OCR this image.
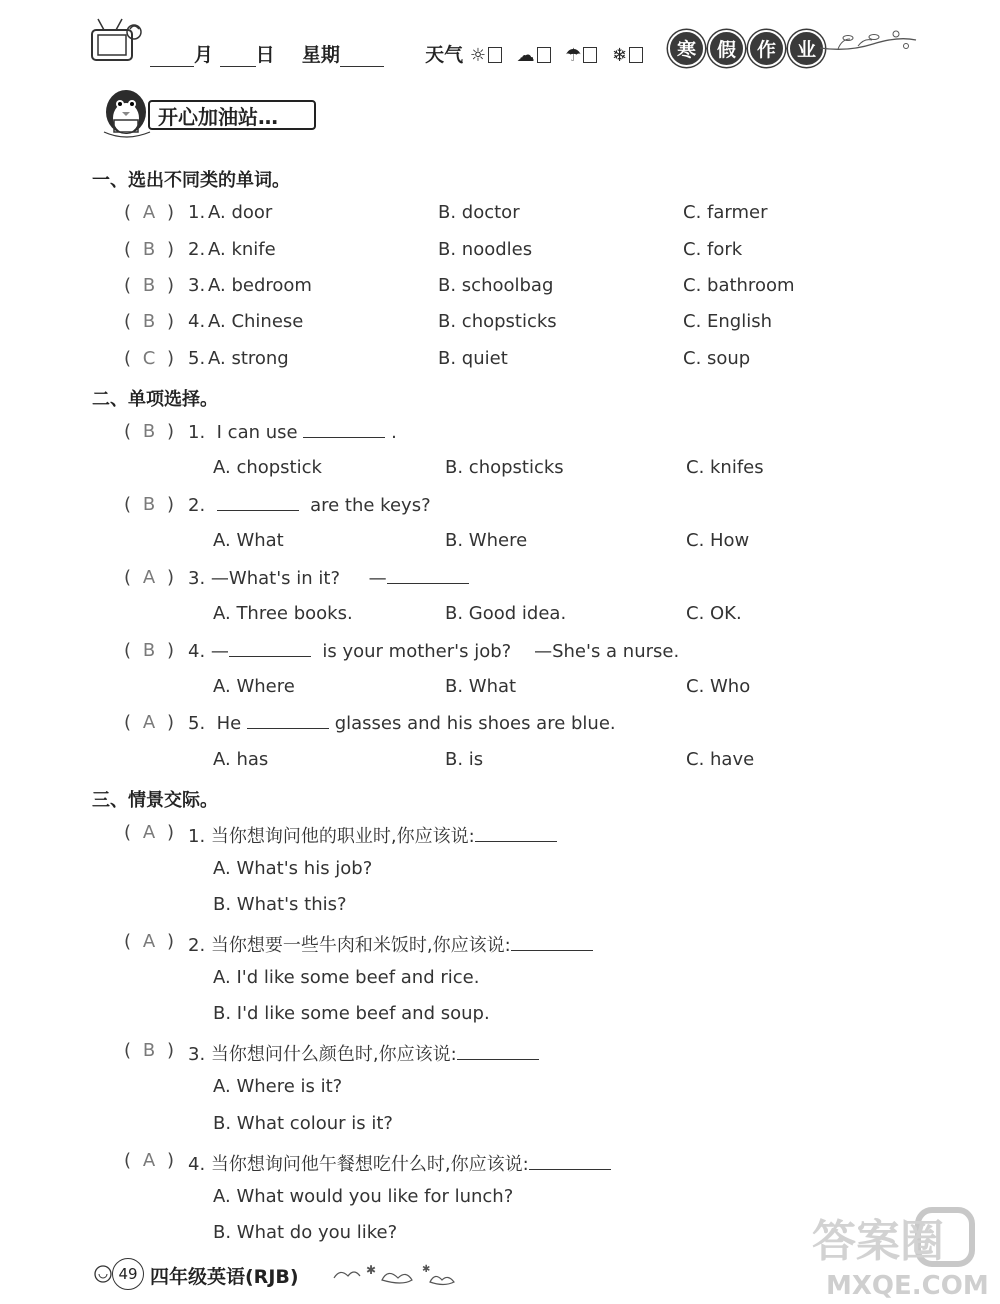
月 日 星期	天气 ☼ ☁ ☂ ❄	寒	假	作	业
开心加油站…
一、选出不同类的单词。
( A ) 1. A. door	B. doctor	C. farmer
( B ) 2. A. knife	B. noodles	C. fork
( B ) 3. A. bedroom	B. schoolbag	C. bathroom
( B ) 4. A. Chinese	B. chopsticks	C. English
( C ) 5. A. strong	B. quiet	C. soup
二、单项选择。
( B ) 1. I can use	.
A. chopstick	B. chopsticks	C. knifes
( B ) 2.	are the keys?
A. What	B. Where	C. How
( A ) 3. —What's in it? —
A. Three books.	B. Good idea.	C. OK.
( B ) 4. —	is your mother's job? —She's a nurse.
A. Where	B. What	C. Who
( A ) 5. He	glasses and his shoes are blue.
A. has	B. is	C. have
三、情景交际。
( A ) 1. 当你想询问他的职业时,你应该说:
A. What's his job?
B. What's this?
( A ) 2. 当你想要一些牛肉和米饭时,你应该说:
A. I'd like some beef and rice.
B. I'd like some beef and soup.
( B ) 3. 当你想问什么颜色时,你应该说:
A. Where is it?
B. What colour is it?
( A ) 4. 当你想询问他午餐想吃什么时,你应该说:
A. What would you like for lunch?
B. What do you like?
49 四年级英语(RJB)	✱	✱
答案圈
MXQE.COM
